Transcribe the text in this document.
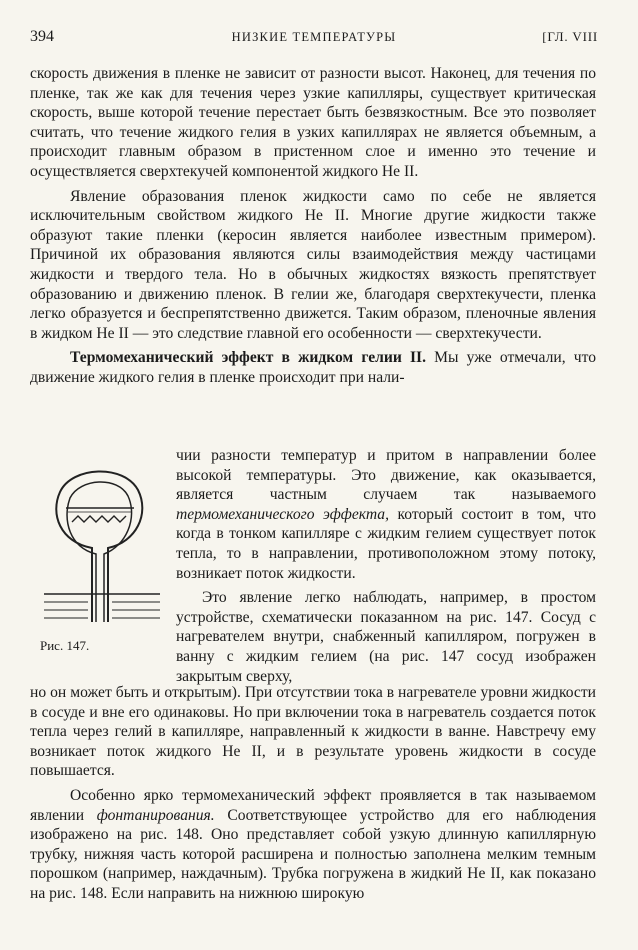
394	НИЗКИЕ ТЕМПЕРАТУРЫ	[ГЛ. VIII

скорость движения в пленке не зависит от разности высот. Наконец, для течения по пленке, так же как для течения через узкие капилляры, существует критическая скорость, выше которой течение перестает быть безвязкостным. Все это позволяет считать, что течение жидкого гелия в узких капиллярах не является объемным, а происходит главным образом в пристенном слое и именно это течение и осуществляется сверхтекучей компонентой жидкого He II.

Явление образования пленок жидкости само по себе не является исключительным свойством жидкого He II. Многие другие жидкости также образуют такие пленки (керосин является наиболее известным примером). Причиной их образования являются силы взаимодействия между частицами жидкости и твердого тела. Но в обычных жидкостях вязкость препятствует образованию и движению пленок. В гелии же, благодаря сверхтекучести, пленка легко образуется и беспрепятственно движется. Таким образом, пленочные явления в жидком He II — это следствие главной его особенности — сверхтекучести.

Термомеханический эффект в жидком гелии II. Мы уже отмечали, что движение жидкого гелия в пленке происходит при нали-

Рис. 147.

чии разности температур и притом в направлении более высокой температуры. Это движение, как оказывается, является частным случаем так называемого термомеханического эффекта, который состоит в том, что когда в тонком капилляре с жидким гелием существует поток тепла, то в направлении, противоположном этому потоку, возникает поток жидкости.

Это явление легко наблюдать, например, в простом устройстве, схематически показанном на рис. 147. Сосуд с нагревателем внутри, снабженный капилляром, погружен в ванну с жидким гелием (на рис. 147 сосуд изображен закрытым сверху,

но он может быть и открытым). При отсутствии тока в нагревателе уровни жидкости в сосуде и вне его одинаковы. Но при включении тока в нагреватель создается поток тепла через гелий в капилляре, направленный к жидкости в ванне. Навстречу ему возникает поток жидкого He II, и в результате уровень жидкости в сосуде повышается.

Особенно ярко термомеханический эффект проявляется в так называемом явлении фонтанирования. Соответствующее устройство для его наблюдения изображено на рис. 148. Оно представляет собой узкую длинную капиллярную трубку, нижняя часть которой расширена и полностью заполнена мелким темным порошком (например, наждачным). Трубка погружена в жидкий He II, как показано на рис. 148. Если направить на нижнюю широкую
